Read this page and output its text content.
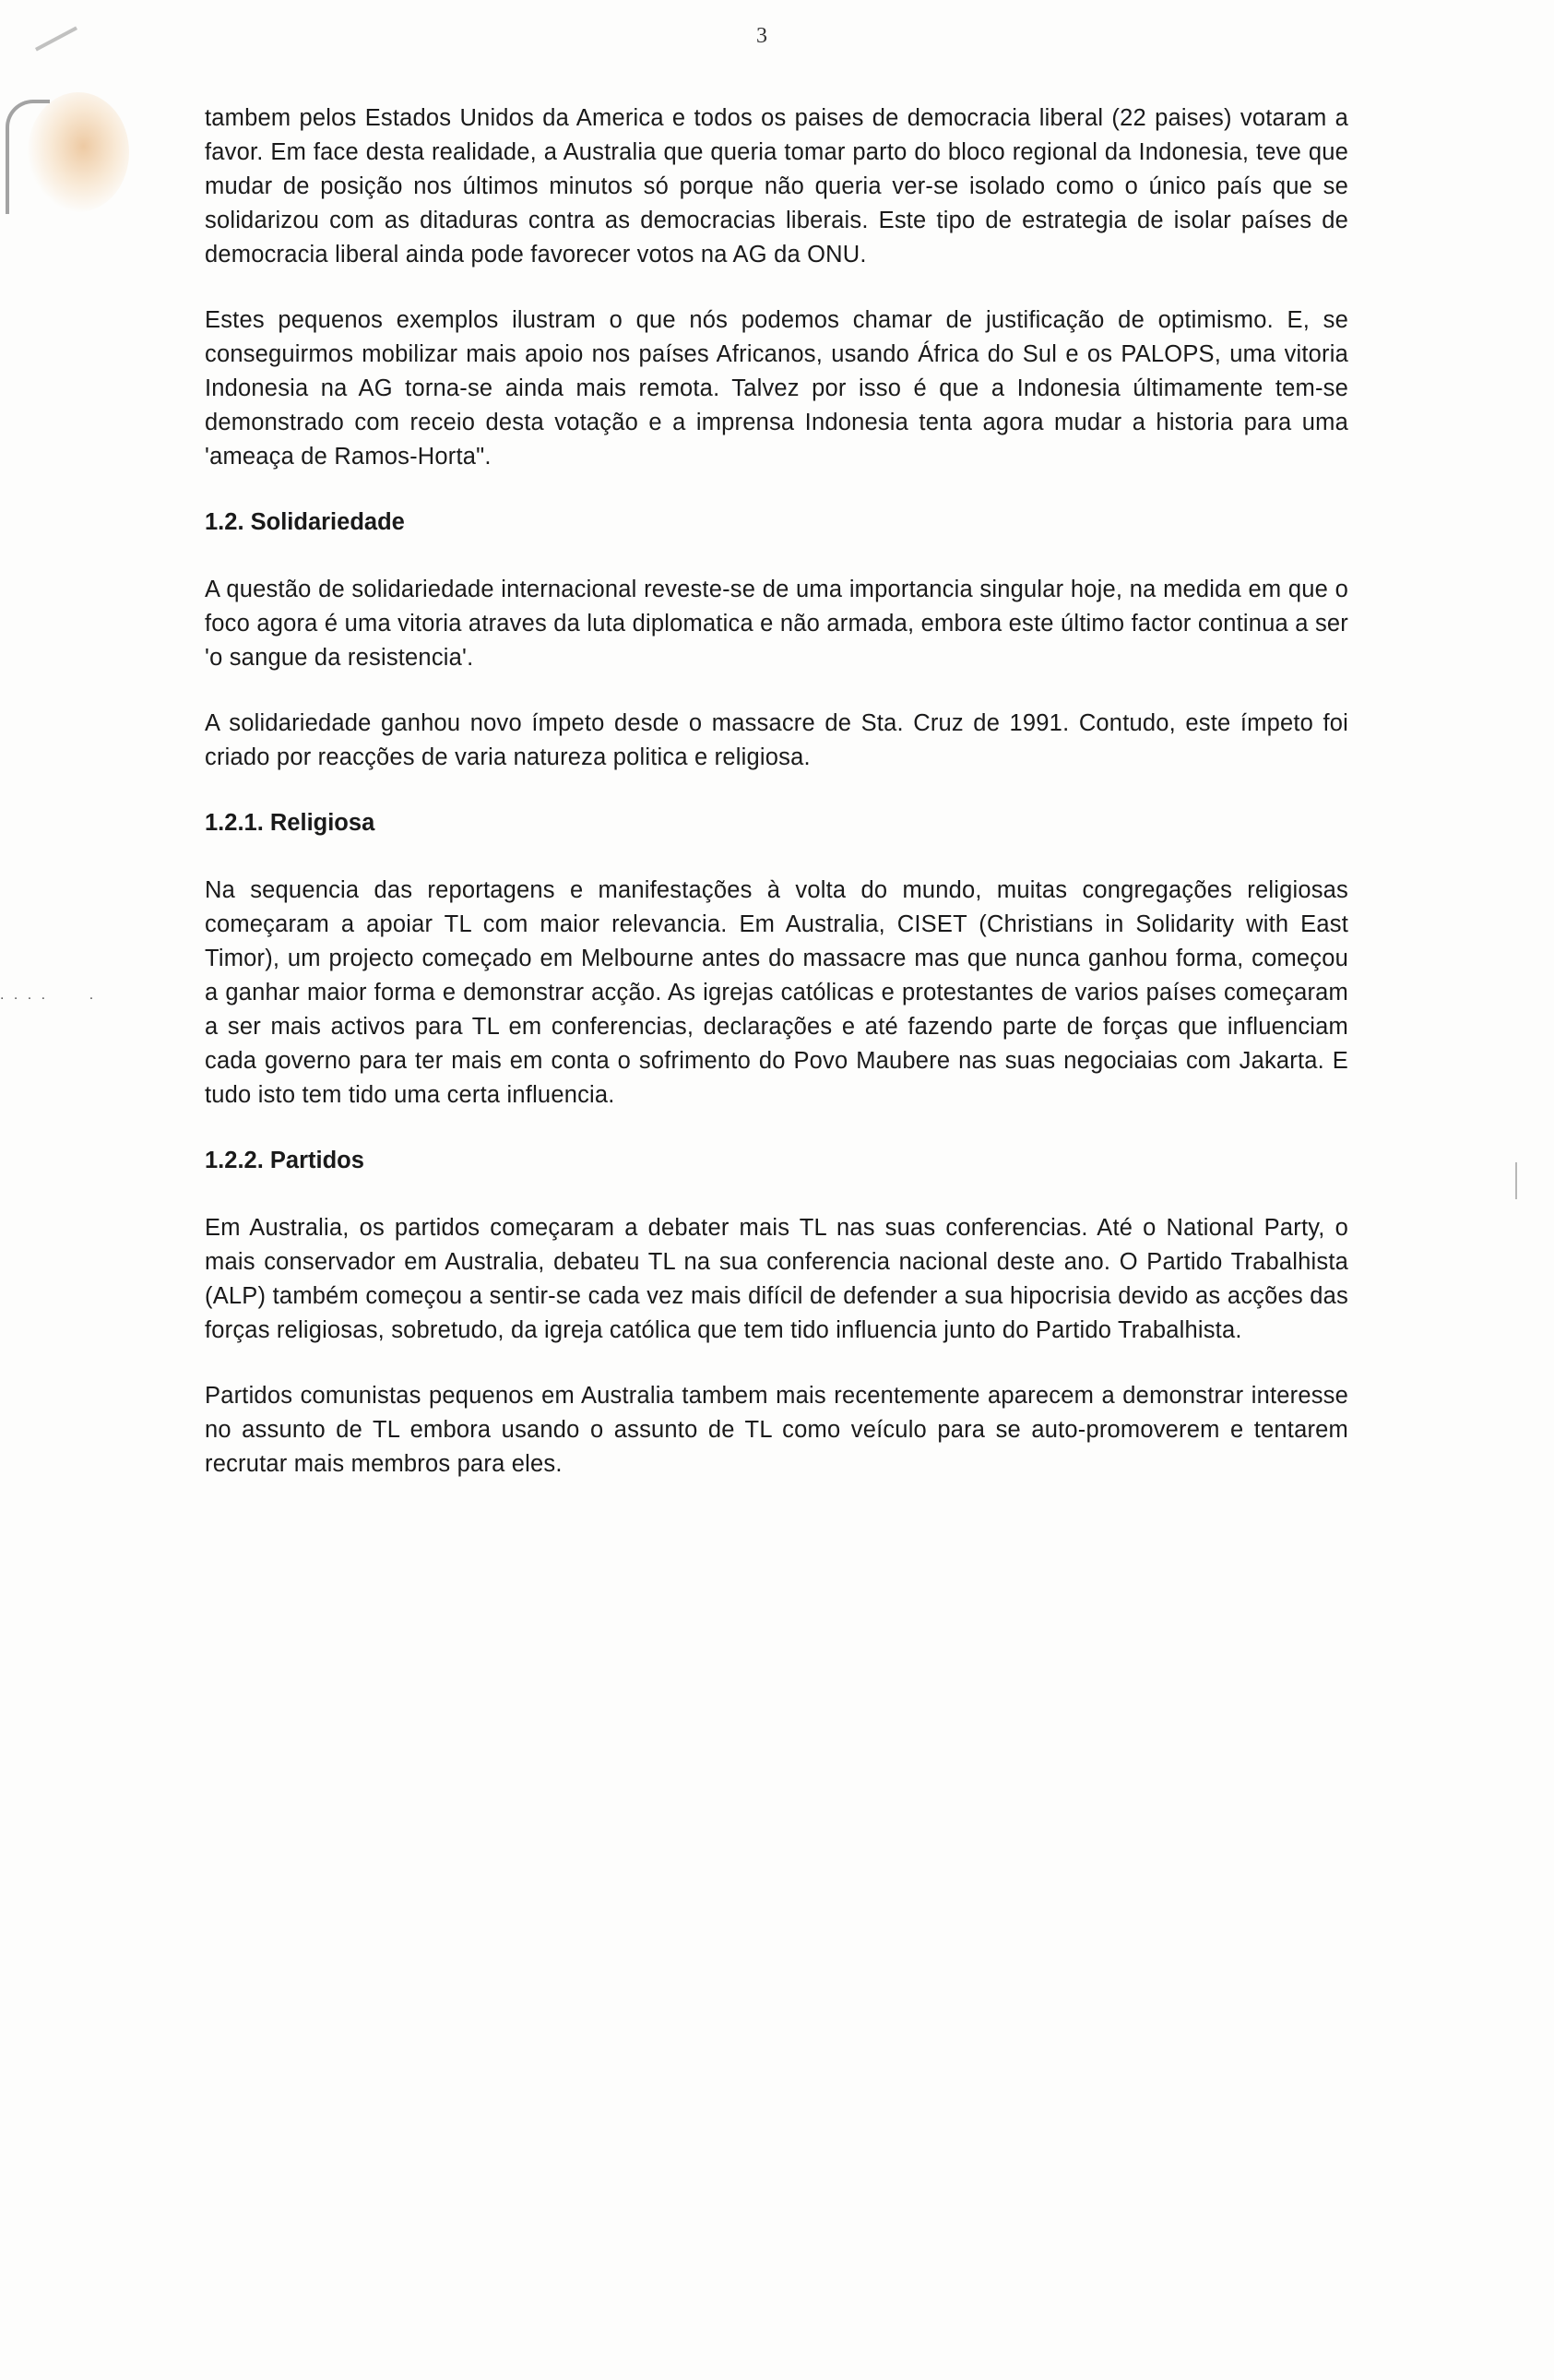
3

tambem pelos Estados Unidos da America e todos os paises de democracia liberal (22 paises) votaram a favor. Em face desta realidade, a Australia que queria tomar parto do bloco regional da Indonesia, teve que mudar de posição nos últimos minutos só porque não queria ver-se isolado como o único país que se solidarizou com as ditaduras contra as democracias liberais. Este tipo de estrategia de isolar países de democracia liberal ainda pode favorecer votos na AG da ONU.

Estes pequenos exemplos ilustram o que nós podemos chamar de justificação de optimismo. E, se conseguirmos mobilizar mais apoio nos países Africanos, usando África do Sul e os PALOPS, uma vitoria Indonesia na AG torna-se ainda mais remota. Talvez por isso é que a Indonesia últimamente tem-se demonstrado com receio desta votação e a imprensa Indonesia tenta agora mudar a historia para uma 'ameaça de Ramos-Horta".

1.2. Solidariedade

A questão de solidariedade internacional reveste-se de uma importancia singular hoje, na medida em que o foco agora é uma vitoria atraves da luta diplomatica e não armada, embora este último factor continua a ser 'o sangue da resistencia'.

A solidariedade ganhou novo ímpeto desde o massacre de Sta. Cruz de 1991. Contudo, este ímpeto foi criado por reacções de varia natureza politica e religiosa.

1.2.1. Religiosa

Na sequencia das reportagens e manifestações à volta do mundo, muitas congregações religiosas começaram a apoiar TL com maior relevancia. Em Australia, CISET (Christians in Solidarity with East Timor), um projecto começado em Melbourne antes do massacre mas que nunca ganhou forma, começou a ganhar maior forma e demonstrar acção. As igrejas católicas e protestantes de varios países começaram a ser mais activos para TL em conferencias, declarações e até fazendo parte de forças que influenciam cada governo para ter mais em conta o sofrimento do Povo Maubere nas suas negociaias com Jakarta. E tudo isto tem tido uma certa influencia.

1.2.2. Partidos

Em Australia, os partidos começaram a debater mais TL nas suas conferencias. Até o National Party, o mais conservador em Australia, debateu TL na sua conferencia nacional deste ano. O Partido Trabalhista (ALP) também começou a sentir-se cada vez mais difícil de defender a sua hipocrisia devido as acções das forças religiosas, sobretudo, da igreja católica que tem tido influencia junto do Partido Trabalhista.

Partidos comunistas pequenos em Australia tambem mais recentemente aparecem a demonstrar interesse no assunto de TL embora usando o assunto de TL como veículo para se auto-promoverem e tentarem recrutar mais membros para eles.

. . . .      .
